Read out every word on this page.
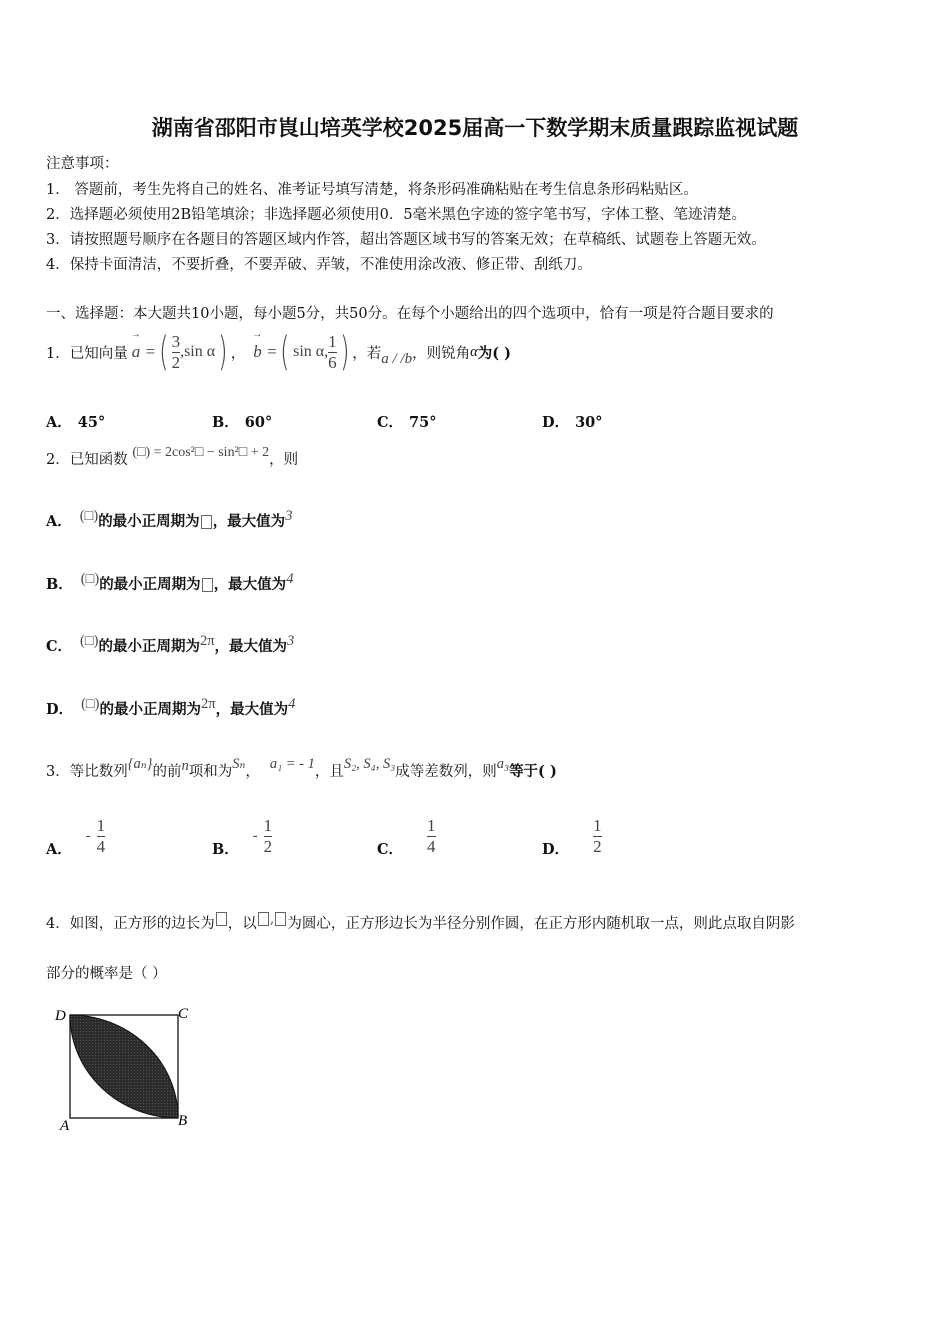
湖南省邵阳市崀山培英学校2025届高一下数学期末质量跟踪监视试题
注意事项：
1． 答题前，考生先将自己的姓名、准考证号填写清楚，将条形码准确粘贴在考生信息条形码粘贴区。
2．选择题必须使用2B铅笔填涂；非选择题必须使用0．5毫米黑色字迹的签字笔书写，字体工整、笔迹清楚。
3．请按照题号顺序在各题目的答题区域内作答，超出答题区域书写的答案无效；在草稿纸、试题卷上答题无效。
4．保持卡面清洁，不要折叠，不要弄破、弄皱，不准使用涂改液、修正带、刮纸刀。
一、选择题：本大题共10小题，每小题5分，共50分。在每个小题给出的四个选项中，恰有一项是符合题目要求的
1． 已知向量 → a = ( $\frac{3}{2} ,\sin$ α ) ， → b = ( sin α, $\frac{1}{6}$ ) ，若 a / /b ，则锐角 α 为( )
A． 45°	B． 60°	C． 75°	D． 30°
2．已知函数 (□) = 2cos²□ − sin²□ + 2，则
A． (□)的最小正周期为 ，最大值为3
B． (□)的最小正周期为 ，最大值为4
C． (□)的最小正周期为2π，最大值为3
D． (□)的最小正周期为2π，最大值为4
3．等比数列{aₙ}的前n项和为Sₙ， a₁ = - 1，且S₂, S₄, S₃成等差数列，则a₃等于( )
A．
- $\frac{1}{4}$	B．
- $\frac{1}{2}$	C． $\frac{1}{4}$	D． $\frac{1}{2}$
4．如图，正方形的边长为 ，以 , 为圆心，正方形边长为半径分别作圆，在正方形内随机取一点，则此点取自阴影
部分的概率是（ ）
D	C
A	B
